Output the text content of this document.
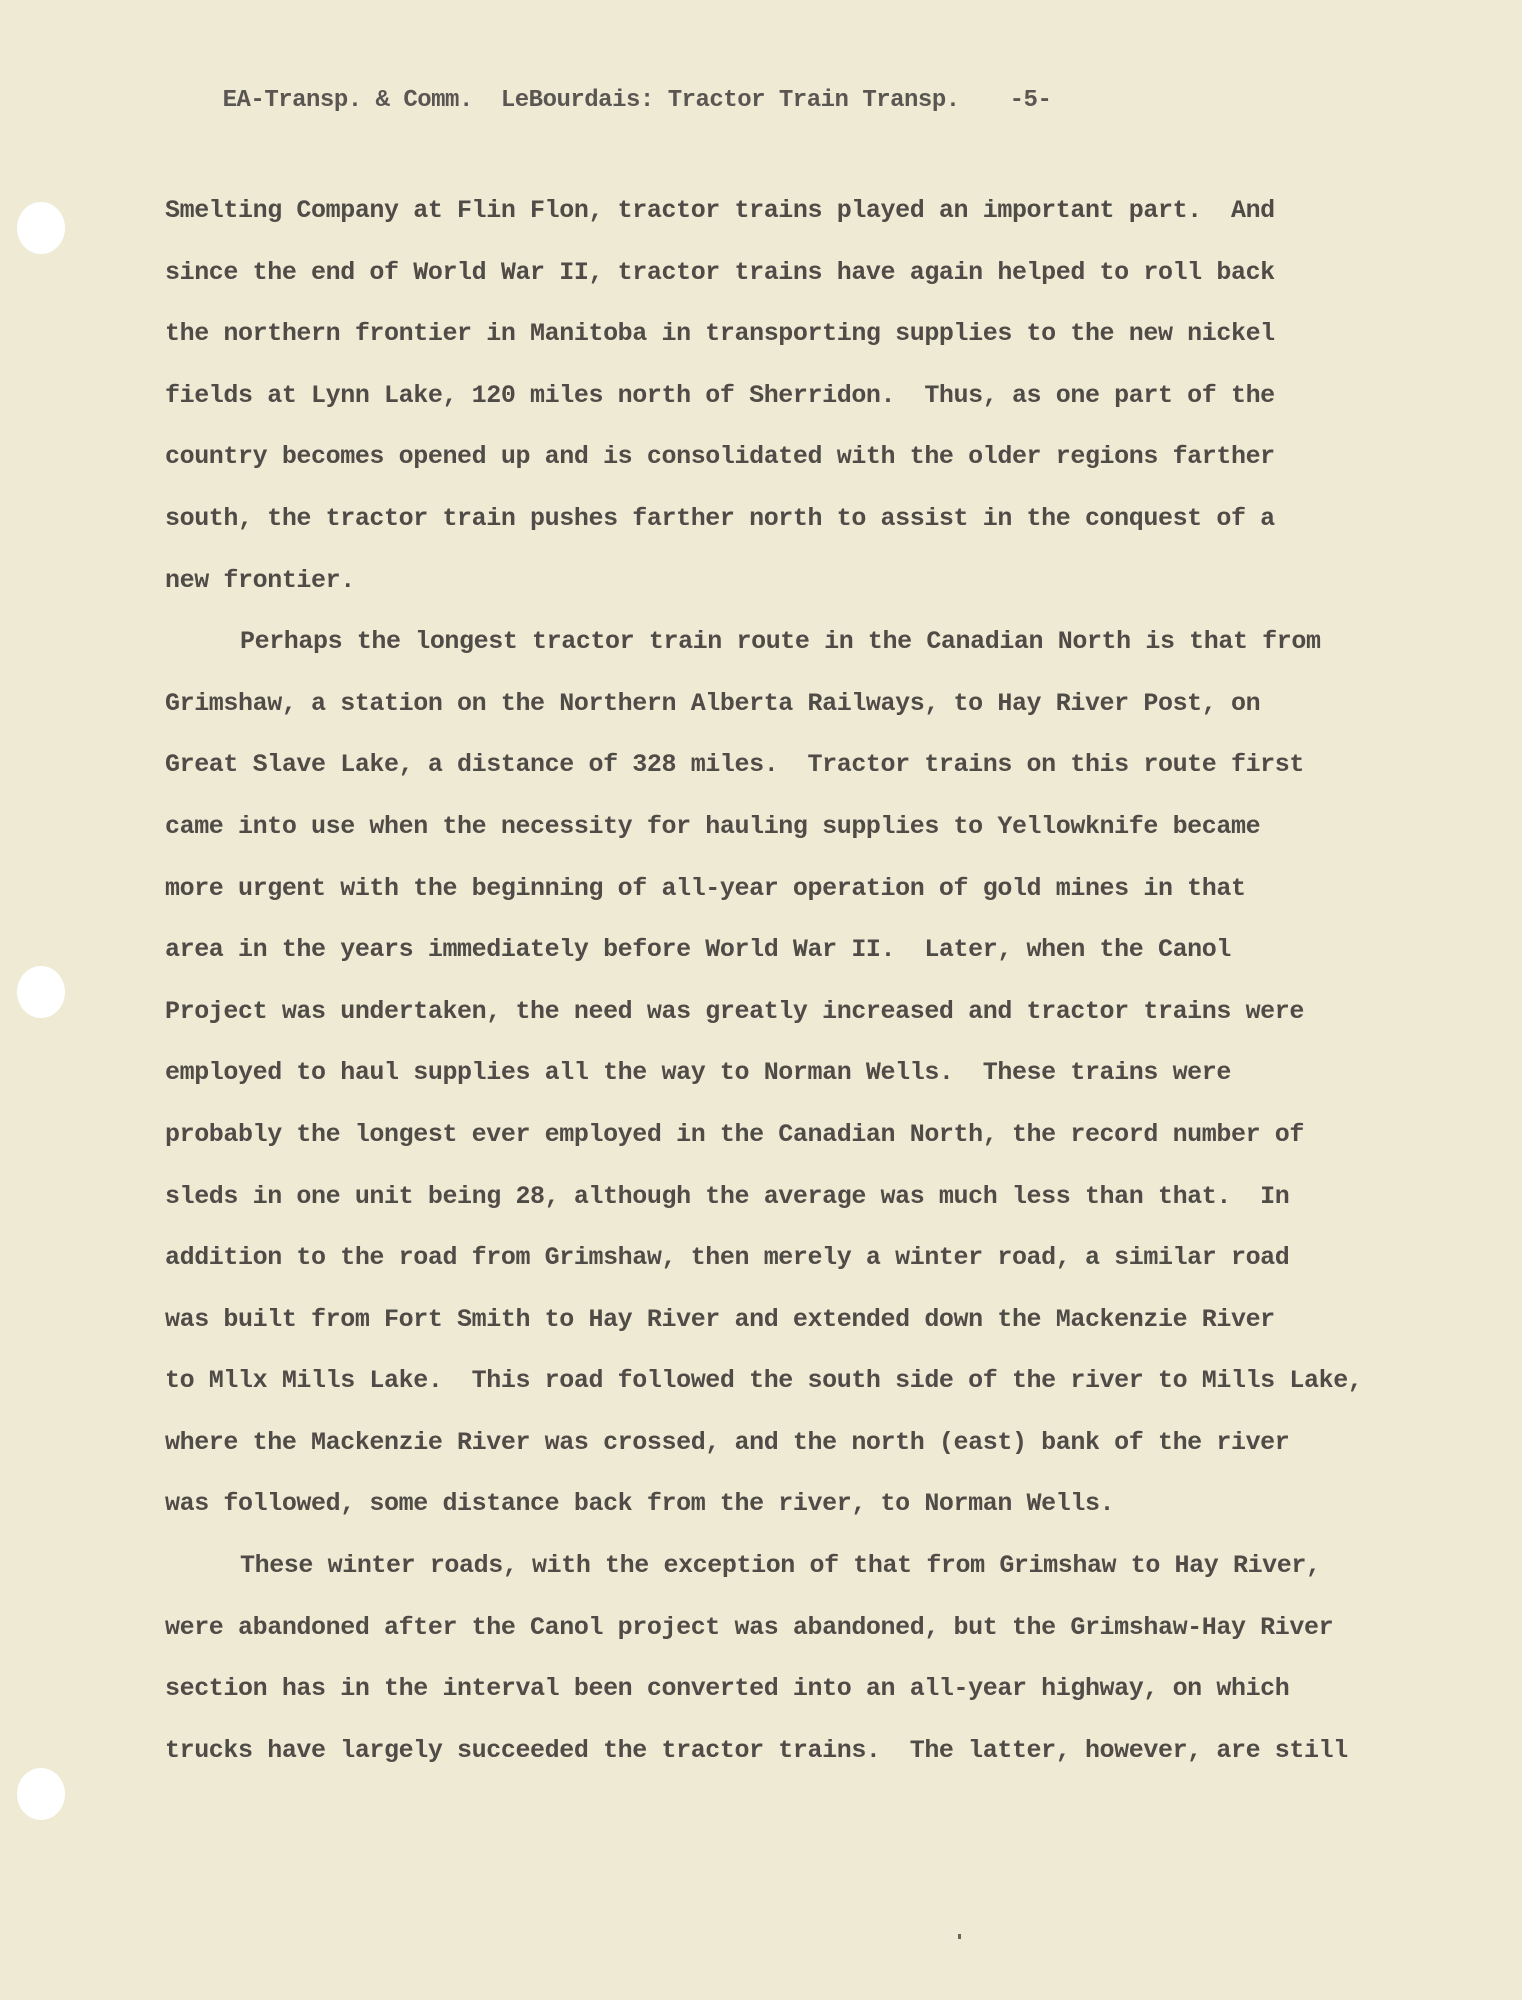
EA-Transp. & Comm. LeBourdais: Tractor Train Transp. -5-

Smelting Company at Flin Flon, tractor trains played an important part.  And
since the end of World War II, tractor trains have again helped to roll back
the northern frontier in Manitoba in transporting supplies to the new nickel
fields at Lynn Lake, 120 miles north of Sherridon.  Thus, as one part of the
country becomes opened up and is consolidated with the older regions farther
south, the tractor train pushes farther north to assist in the conquest of a
new frontier.
Perhaps the longest tractor train route in the Canadian North is that from
Grimshaw, a station on the Northern Alberta Railways, to Hay River Post, on
Great Slave Lake, a distance of 328 miles.  Tractor trains on this route first
came into use when the necessity for hauling supplies to Yellowknife became
more urgent with the beginning of all-year operation of gold mines in that
area in the years immediately before World War II.  Later, when the Canol
Project was undertaken, the need was greatly increased and tractor trains were
employed to haul supplies all the way to Norman Wells.  These trains were
probably the longest ever employed in the Canadian North, the record number of
sleds in one unit being 28, although the average was much less than that.  In
addition to the road from Grimshaw, then merely a winter road, a similar road
was built from Fort Smith to Hay River and extended down the Mackenzie River
to Mllx Mills Lake.  This road followed the south side of the river to Mills Lake,
where the Mackenzie River was crossed, and the north (east) bank of the river
was followed, some distance back from the river, to Norman Wells.
These winter roads, with the exception of that from Grimshaw to Hay River,
were abandoned after the Canol project was abandoned, but the Grimshaw-Hay River
section has in the interval been converted into an all-year highway, on which
trucks have largely succeeded the tractor trains.  The latter, however, are still
